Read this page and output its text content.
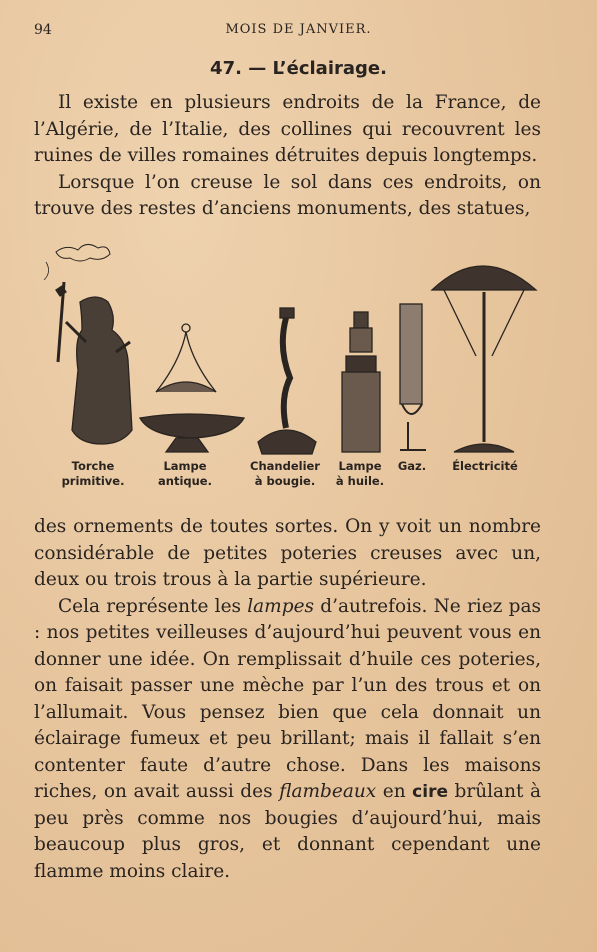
94	MOIS DE JANVIER.
47. — L’éclairage.

Il existe en plusieurs endroits de la France, de l’Algérie, de l’Italie, des collines qui recouvrent les ruines de villes romaines détruites depuis longtemps.

Lorsque l’on creuse le sol dans ces endroits, on trouve des restes d’anciens monuments, des statues,

Torche
primitive.
Lampe
antique.
Chandelier
à bougie.
Lampe
à huile.
Gaz.	Électricité

des ornements de toutes sortes. On y voit un nombre considérable de petites poteries creuses avec un, deux ou trois trous à la partie supérieure.

Cela représente les lampes d’autrefois. Ne riez pas : nos petites veilleuses d’aujourd’hui peuvent vous en donner une idée. On remplissait d’huile ces poteries, on faisait passer une mèche par l’un des trous et on l’allumait. Vous pensez bien que cela donnait un éclairage fumeux et peu brillant; mais il fallait s’en contenter faute d’autre chose. Dans les maisons riches, on avait aussi des flambeaux en cire brûlant à peu près comme nos bougies d’aujourd’hui, mais beaucoup plus gros, et donnant cependant une flamme moins claire.
